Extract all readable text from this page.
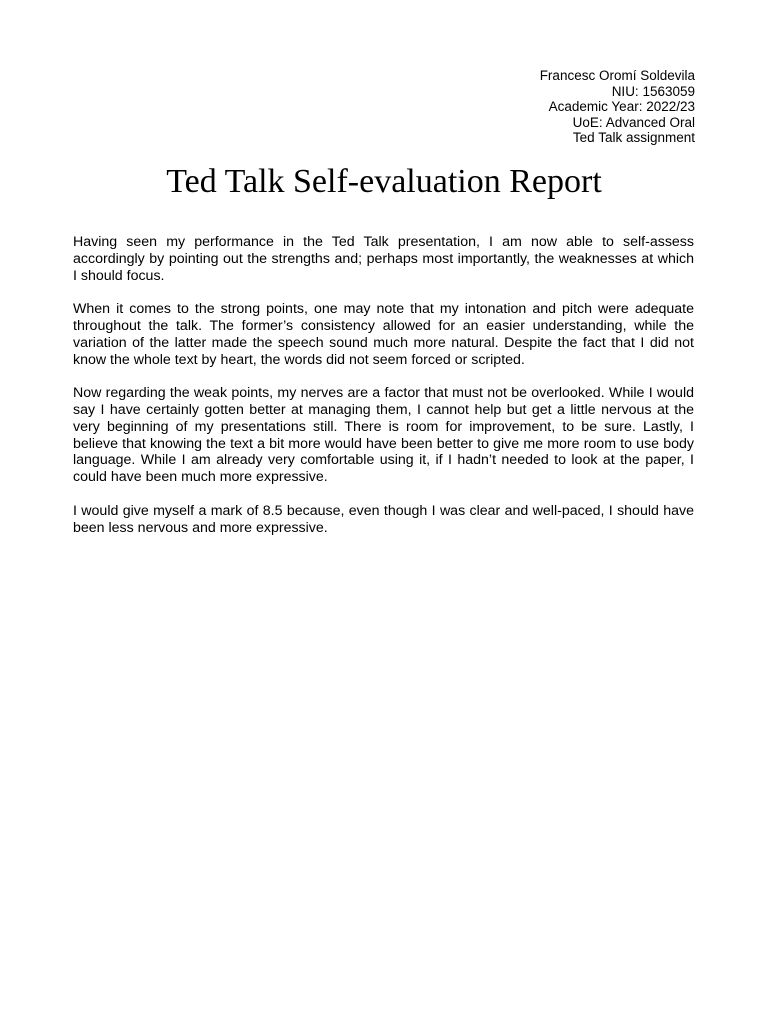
Francesc Oromí Soldevila
NIU: 1563059
Academic Year: 2022/23
UoE: Advanced Oral
Ted Talk assignment
Ted Talk Self-evaluation Report

Having seen my performance in the Ted Talk presentation, I am now able to self-assess accordingly by pointing out the strengths and; perhaps most importantly, the weaknesses at which I should focus.

When it comes to the strong points, one may note that my intonation and pitch were adequate throughout the talk. The former’s consistency allowed for an easier understanding, while the variation of the latter made the speech sound much more natural. Despite the fact that I did not know the whole text by heart, the words did not seem forced or scripted.

Now regarding the weak points, my nerves are a factor that must not be overlooked. While I would say I have certainly gotten better at managing them, I cannot help but get a little nervous at the very beginning of my presentations still. There is room for improvement, to be sure. Lastly, I believe that knowing the text a bit more would have been better to give me more room to use body language. While I am already very comfortable using it, if I hadn’t needed to look at the paper, I could have been much more expressive.

I would give myself a mark of 8.5 because, even though I was clear and well-paced, I should have been less nervous and more expressive.
